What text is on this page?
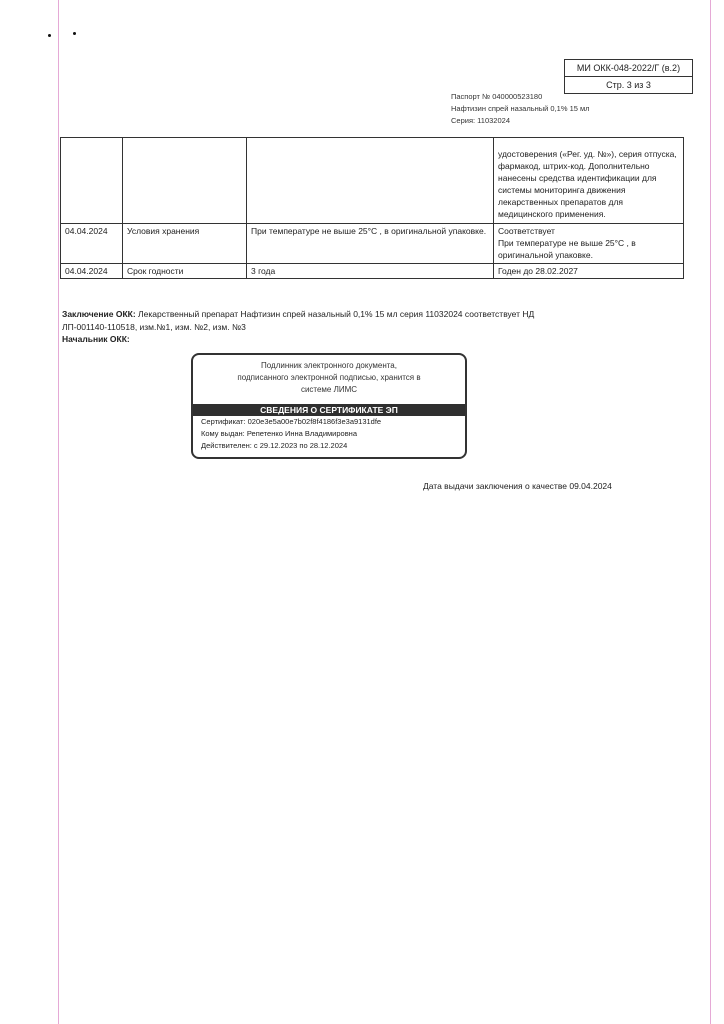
МИ ОКК-048-2022/Г (в.2)
Стр. 3 из 3
Паспорт № 040000523180
Нафтизин спрей назальный 0,1% 15 мл
Серия: 11032024
			удостоверения («Рег. уд. №»), серия отпуска, фармакод, штрих-код. Дополнительно нанесены средства идентификации для системы мониторинга движения лекарственных препаратов для медицинского применения.
04.04.2024	Условия хранения	При температуре не выше 25°С , в оригинальной упаковке.	Соответствует
При температуре не выше 25°С , в оригинальной упаковке.

04.04.2024	Срок годности	3 года	Годен до 28.02.2027
Заключение ОКК: Лекарственный препарат Нафтизин спрей назальный 0,1% 15 мл серия 11032024 соответствует НД ЛП-001140-110518, изм.№1, изм. №2, изм. №3
Начальник ОКК:
Подлинник электронного документа,
подписанного электронной подписью, хранится в
системе ЛИМС
СВЕДЕНИЯ О СЕРТИФИКАТЕ ЭП
Сертификат: 020e3e5a00e7b02f8f4186f3e3a9131dfe
Кому выдан: Репетенко Инна Владимировна
Действителен: с 29.12.2023 по 28.12.2024
Дата выдачи заключения о качестве 09.04.2024
